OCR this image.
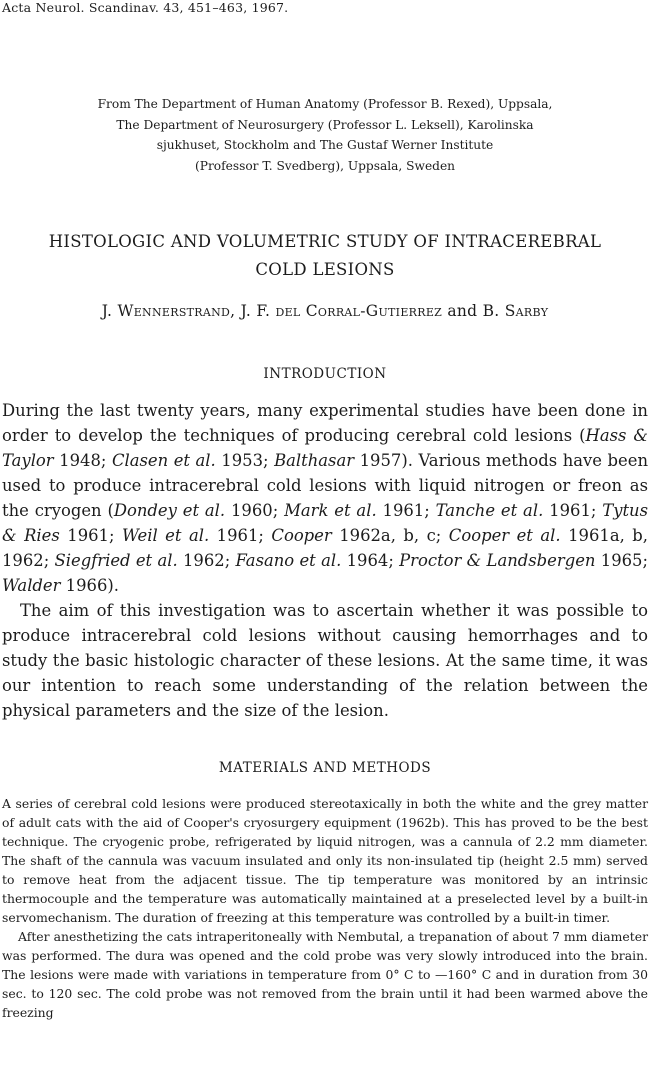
Acta Neurol. Scandinav. 43, 451–463, 1967.
From The Department of Human Anatomy (Professor B. Rexed), Uppsala,
The Department of Neurosurgery (Professor L. Leksell), Karolinska
sjukhuset, Stockholm and The Gustaf Werner Institute
(Professor T. Svedberg), Uppsala, Sweden
HISTOLOGIC AND VOLUMETRIC STUDY OF INTRACEREBRAL
COLD LESIONS
J. Wennerstrand, J. F. del Corral-Gutierrez and B. Sarby
INTRODUCTION

During the last twenty years, many experimental studies have been done in order to develop the techniques of producing cerebral cold lesions (Hass & Taylor 1948; Clasen et al. 1953; Balthasar 1957). Various methods have been used to produce intracerebral cold lesions with liquid nitrogen or freon as the cryogen (Dondey et al. 1960; Mark et al. 1961; Tanche et al. 1961; Tytus & Ries 1961; Weil et al. 1961; Cooper 1962a, b, c; Cooper et al. 1961a, b, 1962; Siegfried et al. 1962; Fasano et al. 1964; Proctor & Landsbergen 1965; Walder 1966).

The aim of this investigation was to ascertain whether it was possible to produce intracerebral cold lesions without causing hemorrhages and to study the basic histologic character of these lesions. At the same time, it was our intention to reach some understanding of the relation between the physical parameters and the size of the lesion.

MATERIALS AND METHODS

A series of cerebral cold lesions were produced stereotaxically in both the white and the grey matter of adult cats with the aid of Cooper's cryosurgery equipment (1962b). This has proved to be the best technique. The cryogenic probe, refrigerated by liquid nitrogen, was a cannula of 2.2 mm diameter. The shaft of the cannula was vacuum insulated and only its non-insulated tip (height 2.5 mm) served to remove heat from the adjacent tissue. The tip temperature was monitored by an intrinsic thermocouple and the temperature was automatically maintained at a preselected level by a built-in servomechanism. The duration of freezing at this temperature was controlled by a built-in timer.

After anesthetizing the cats intraperitoneally with Nembutal, a trepanation of about 7 mm diameter was performed. The dura was opened and the cold probe was very slowly introduced into the brain. The lesions were made with variations in temperature from 0° C to —160° C and in duration from 30 sec. to 120 sec. The cold probe was not removed from the brain until it had been warmed above the freezing
